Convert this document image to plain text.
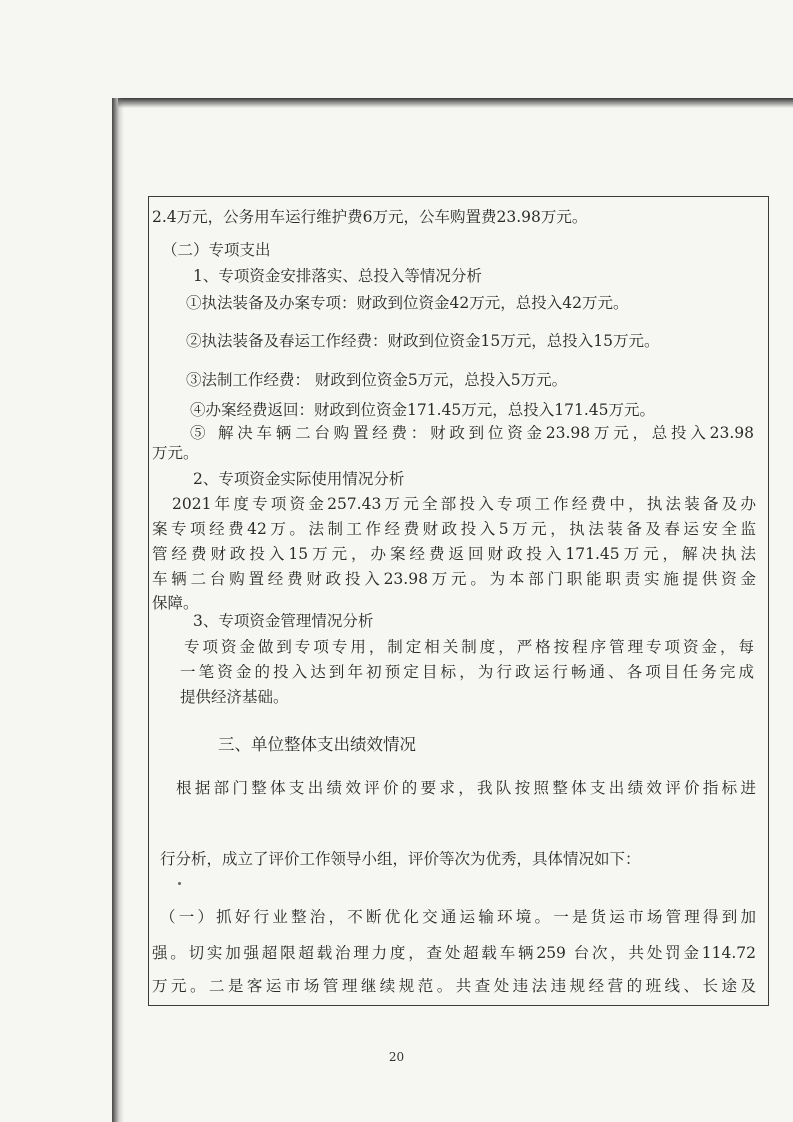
2.4万元，公务用车运行维护费6万元，公车购置费23.98万元。
（二）专项支出
1、专项资金安排落实、总投入等情况分析
①执法装备及办案专项：财政到位资金42万元，总投入42万元。
②执法装备及春运工作经费：财政到位资金15万元，总投入15万元。
③法制工作经费： 财政到位资金5万元，总投入5万元。
④办案经费返回：财政到位资金171.45万元，总投入171.45万元。
⑤ 解决车辆二台购置经费：财政到位资金23.98万元，总投入23.98
万元。
2、专项资金实际使用情况分析
2021年度专项资金257.43万元全部投入专项工作经费中，执法装备及办
案专项经费42万。法制工作经费财政投入5万元，执法装备及春运安全监
管经费财政投入15万元，办案经费返回财政投入171.45万元，解决执法
车辆二台购置经费财政投入23.98万元。为本部门职能职责实施提供资金
保障。
3、专项资金管理情况分析
专项资金做到专项专用，制定相关制度，严格按程序管理专项资金，每
一笔资金的投入达到年初预定目标，为行政运行畅通、各项目任务完成
提供经济基础。
三、单位整体支出绩效情况
根据部门整体支出绩效评价的要求，我队按照整体支出绩效评价指标进
行分析，成立了评价工作领导小组，评价等次为优秀，具体情况如下：
（一）抓好行业整治，不断优化交通运输环境。一是货运市场管理得到加
强。切实加强超限超载治理力度，查处超载车辆259 台次，共处罚金114.72
万元。二是客运市场管理继续规范。共查处违法违规经营的班线、长途及
20
